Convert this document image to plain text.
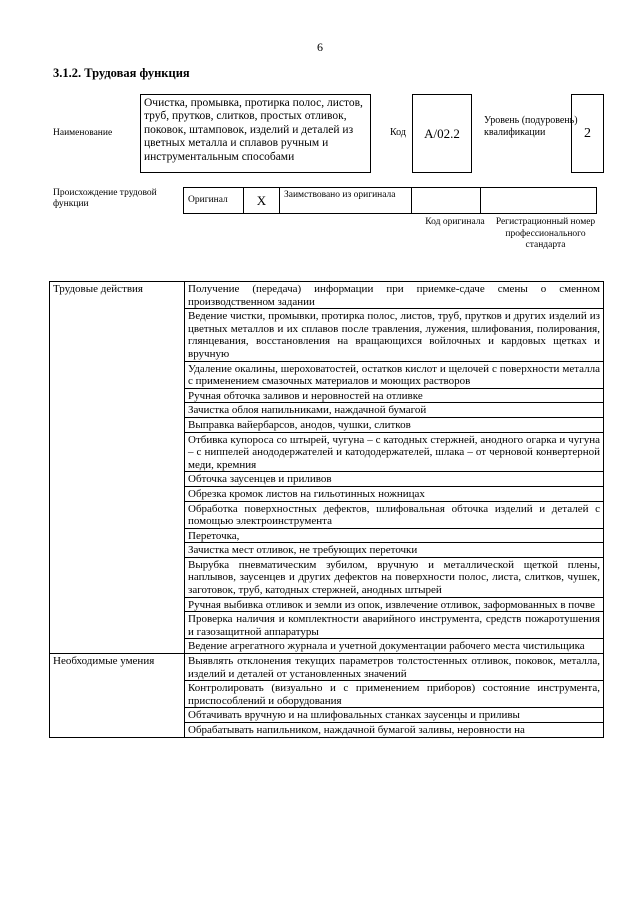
6
3.1.2. Трудовая функция
Наименование
Очистка, промывка, протирка полос, листов, труб, прутков, слитков, простых отливок, поковок, штамповок, изделий и деталей из цветных металла и сплавов ручным и инструментальным способами
Код	А/02.2
Уровень (подуровень) квалификации	2
Происхождение трудовой функции	Оригинал	X	Заимствовано из оригинала
Код оригинала	Регистрационный номер профессионального стандарта
Трудовые действия	Получение (передача) информации при приемке-сдаче смены о сменном производственном задании
	Ведение чистки, промывки, протирка полос, листов, труб, прутков и других изделий из цветных металлов и их сплавов после травления, лужения, шлифования, полирования, глянцевания, восстановления на вращающихся войлочных и кардовых щетках и вручную
	Удаление окалины, шероховатостей, остатков кислот и щелочей с поверхности металла с применением смазочных материалов и моющих растворов
	Ручная обточка заливов и неровностей на отливке
	Зачистка облоя напильниками, наждачной бумагой
	Выправка вайербарсов, анодов, чушки, слитков
	Отбивка купороса со штырей, чугуна – с катодных стержней, анодного огарка и чугуна – с ниппелей анододержателей и катододержателей, шлака – от черновой конвертерной меди, кремния
	Обточка заусенцев и приливов
	Обрезка кромок листов на гильотинных ножницах
	Обработка поверхностных дефектов, шлифовальная обточка изделий и деталей с помощью электроинструмента
	Переточка,
	Зачистка мест отливок, не требующих переточки
	Вырубка пневматическим зубилом, вручную и металлической щеткой плены, наплывов, заусенцев и других дефектов на поверхности полос, листа, слитков, чушек, заготовок, труб, катодных стержней, анодных штырей
	Ручная выбивка отливок и земли из опок, извлечение отливок, заформованных в почве
	Проверка наличия и комплектности аварийного инструмента, средств пожаротушения и газозащитной аппаратуры
	Ведение агрегатного журнала и учетной документации рабочего места чистильщика
Необходимые умения	Выявлять отклонения текущих параметров толстостенных отливок, поковок, металла, изделий и деталей от установленных значений
	Контролировать (визуально и с применением приборов) состояние инструмента, приспособлений и оборудования
	Обтачивать вручную и на шлифовальных станках заусенцы и приливы
	Обрабатывать напильником, наждачной бумагой заливы, неровности на
